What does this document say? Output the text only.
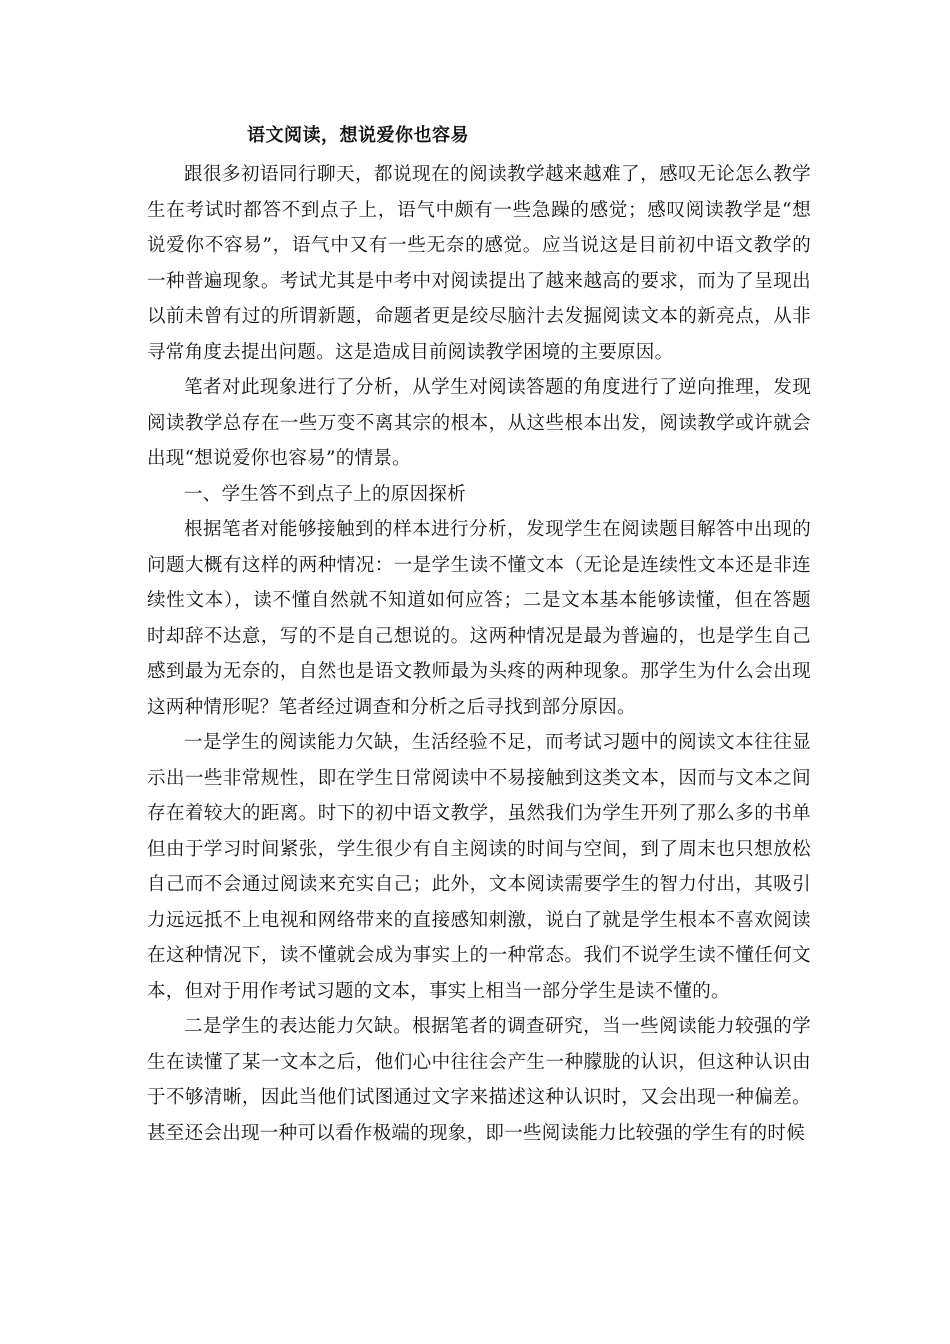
语文阅读，想说爱你也容易

跟很多初语同行聊天，都说现在的阅读教学越来越难了，感叹无论怎么教学生在考试时都答不到点子上，语气中颇有一些急躁的感觉；感叹阅读教学是“想说爱你不容易”，语气中又有一些无奈的感觉。应当说这是目前初中语文教学的一种普遍现象。考试尤其是中考中对阅读提出了越来越高的要求，而为了呈现出以前未曾有过的所谓新题，命题者更是绞尽脑汁去发掘阅读文本的新亮点，从非寻常角度去提出问题。这是造成目前阅读教学困境的主要原因。

笔者对此现象进行了分析，从学生对阅读答题的角度进行了逆向推理，发现阅读教学总存在一些万变不离其宗的根本，从这些根本出发，阅读教学或许就会出现“想说爱你也容易”的情景。

一、学生答不到点子上的原因探析

根据笔者对能够接触到的样本进行分析，发现学生在阅读题目解答中出现的问题大概有这样的两种情况：一是学生读不懂文本（无论是连续性文本还是非连续性文本），读不懂自然就不知道如何应答；二是文本基本能够读懂，但在答题时却辞不达意，写的不是自己想说的。这两种情况是最为普遍的，也是学生自己感到最为无奈的，自然也是语文教师最为头疼的两种现象。那学生为什么会出现这两种情形呢？笔者经过调查和分析之后寻找到部分原因。

一是学生的阅读能力欠缺，生活经验不足，而考试习题中的阅读文本往往显示出一些非常规性，即在学生日常阅读中不易接触到这类文本，因而与文本之间存在着较大的距离。时下的初中语文教学，虽然我们为学生开列了那么多的书单但由于学习时间紧张，学生很少有自主阅读的时间与空间，到了周末也只想放松自己而不会通过阅读来充实自己；此外，文本阅读需要学生的智力付出，其吸引力远远抵不上电视和网络带来的直接感知刺激，说白了就是学生根本不喜欢阅读在这种情况下，读不懂就会成为事实上的一种常态。我们不说学生读不懂任何文本，但对于用作考试习题的文本，事实上相当一部分学生是读不懂的。

二是学生的表达能力欠缺。根据笔者的调查研究，当一些阅读能力较强的学生在读懂了某一文本之后，他们心中往往会产生一种朦胧的认识，但这种认识由于不够清晰，因此当他们试图通过文字来描述这种认识时，又会出现一种偏差。甚至还会出现一种可以看作极端的现象，即一些阅读能力比较强的学生有的时候
